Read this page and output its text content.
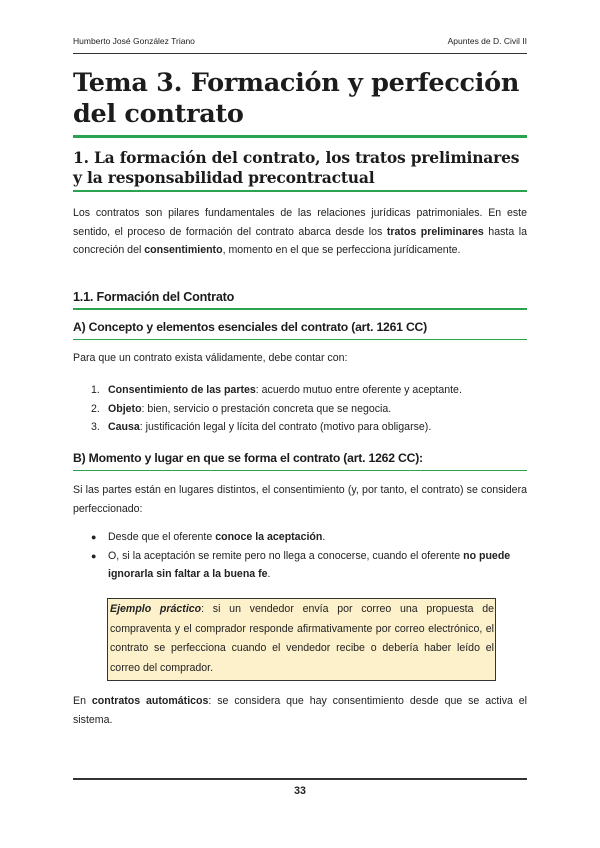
Humberto José González Triano	Apuntes de D. Civil II
Tema 3. Formación y perfección del contrato
1. La formación del contrato, los tratos preliminares y la responsabilidad precontractual

Los contratos son pilares fundamentales de las relaciones jurídicas patrimoniales. En este sentido, el proceso de formación del contrato abarca desde los tratos preliminares hasta la concreción del consentimiento, momento en el que se perfecciona jurídicamente.

1.1. Formación del Contrato
A) Concepto y elementos esenciales del contrato (art. 1261 CC)

Para que un contrato exista válidamente, debe contar con:

1. Consentimiento de las partes: acuerdo mutuo entre oferente y aceptante.
2. Objeto: bien, servicio o prestación concreta que se negocia.
3. Causa: justificación legal y lícita del contrato (motivo para obligarse).
B) Momento y lugar en que se forma el contrato (art. 1262 CC):

Si las partes están en lugares distintos, el consentimiento (y, por tanto, el contrato) se considera perfeccionado:

●	Desde que el oferente conoce la aceptación.
●	O, si la aceptación se remite pero no llega a conocerse, cuando el oferente no puede ignorarla sin faltar a la buena fe.
Ejemplo práctico: si un vendedor envía por correo una propuesta de compraventa y el comprador responde afirmativamente por correo electrónico, el contrato se perfecciona cuando el vendedor recibe o debería haber leído el correo del comprador.

En contratos automáticos: se considera que hay consentimiento desde que se activa el sistema.

33
